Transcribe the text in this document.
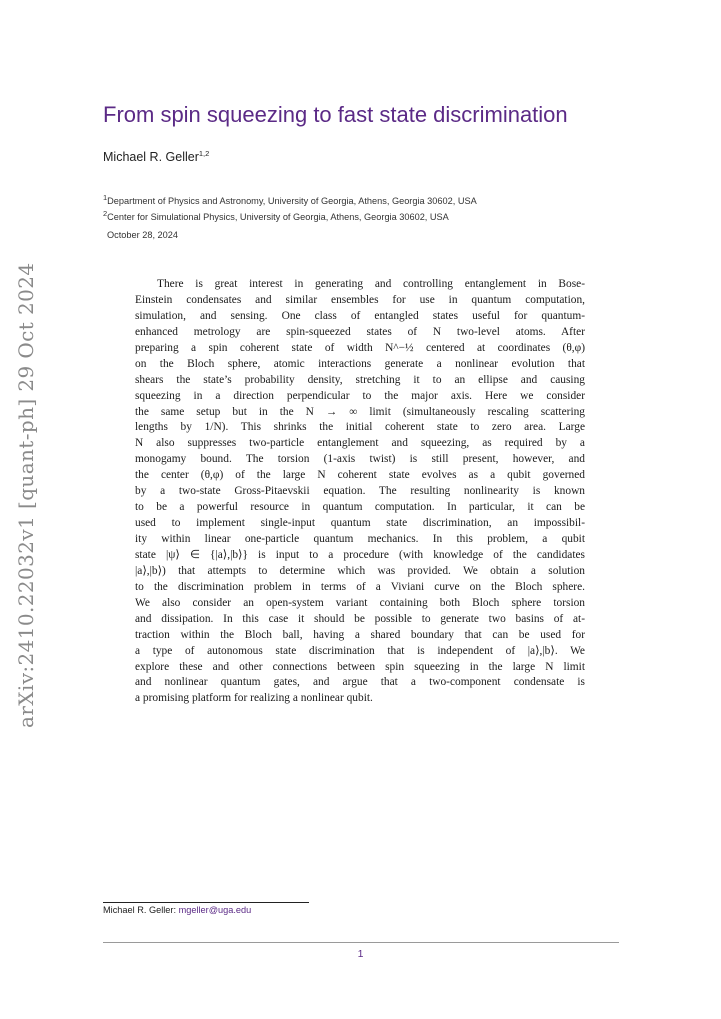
arXiv:2410.22032v1 [quant-ph] 29 Oct 2024
From spin squeezing to fast state discrimination
Michael R. Geller$^{1,2}$
$^1$Department of Physics and Astronomy, University of Georgia, Athens, Georgia 30602, USA
$^2$Center for Simulational Physics, University of Georgia, Athens, Georgia 30602, USA
October 28, 2024
There is great interest in generating and controlling entanglement in Bose-
Einstein condensates and similar ensembles for use in quantum computation,
simulation, and sensing. One class of entangled states useful for quantum-
enhanced metrology are spin-squeezed states of N two-level atoms. After
preparing a spin coherent state of width N^−½ centered at coordinates (θ,φ)
on the Bloch sphere, atomic interactions generate a nonlinear evolution that
shears the state’s probability density, stretching it to an ellipse and causing
squeezing in a direction perpendicular to the major axis. Here we consider
the same setup but in the N → ∞ limit (simultaneously rescaling scattering
lengths by 1/N). This shrinks the initial coherent state to zero area. Large
N also suppresses two-particle entanglement and squeezing, as required by a
monogamy bound. The torsion (1-axis twist) is still present, however, and
the center (θ,φ) of the large N coherent state evolves as a qubit governed
by a two-state Gross-Pitaevskii equation. The resulting nonlinearity is known
to be a powerful resource in quantum computation. In particular, it can be
used to implement single-input quantum state discrimination, an impossibil-
ity within linear one-particle quantum mechanics. In this problem, a qubit
state |ψ⟩ ∈ {|a⟩,|b⟩} is input to a procedure (with knowledge of the candidates
|a⟩,|b⟩) that attempts to determine which was provided. We obtain a solution
to the discrimination problem in terms of a Viviani curve on the Bloch sphere.
We also consider an open-system variant containing both Bloch sphere torsion
and dissipation. In this case it should be possible to generate two basins of at-
traction within the Bloch ball, having a shared boundary that can be used for
a type of autonomous state discrimination that is independent of |a⟩,|b⟩. We
explore these and other connections between spin squeezing in the large N limit
and nonlinear quantum gates, and argue that a two-component condensate is
a promising platform for realizing a nonlinear qubit.
Michael R. Geller: mgeller@uga.edu
1
